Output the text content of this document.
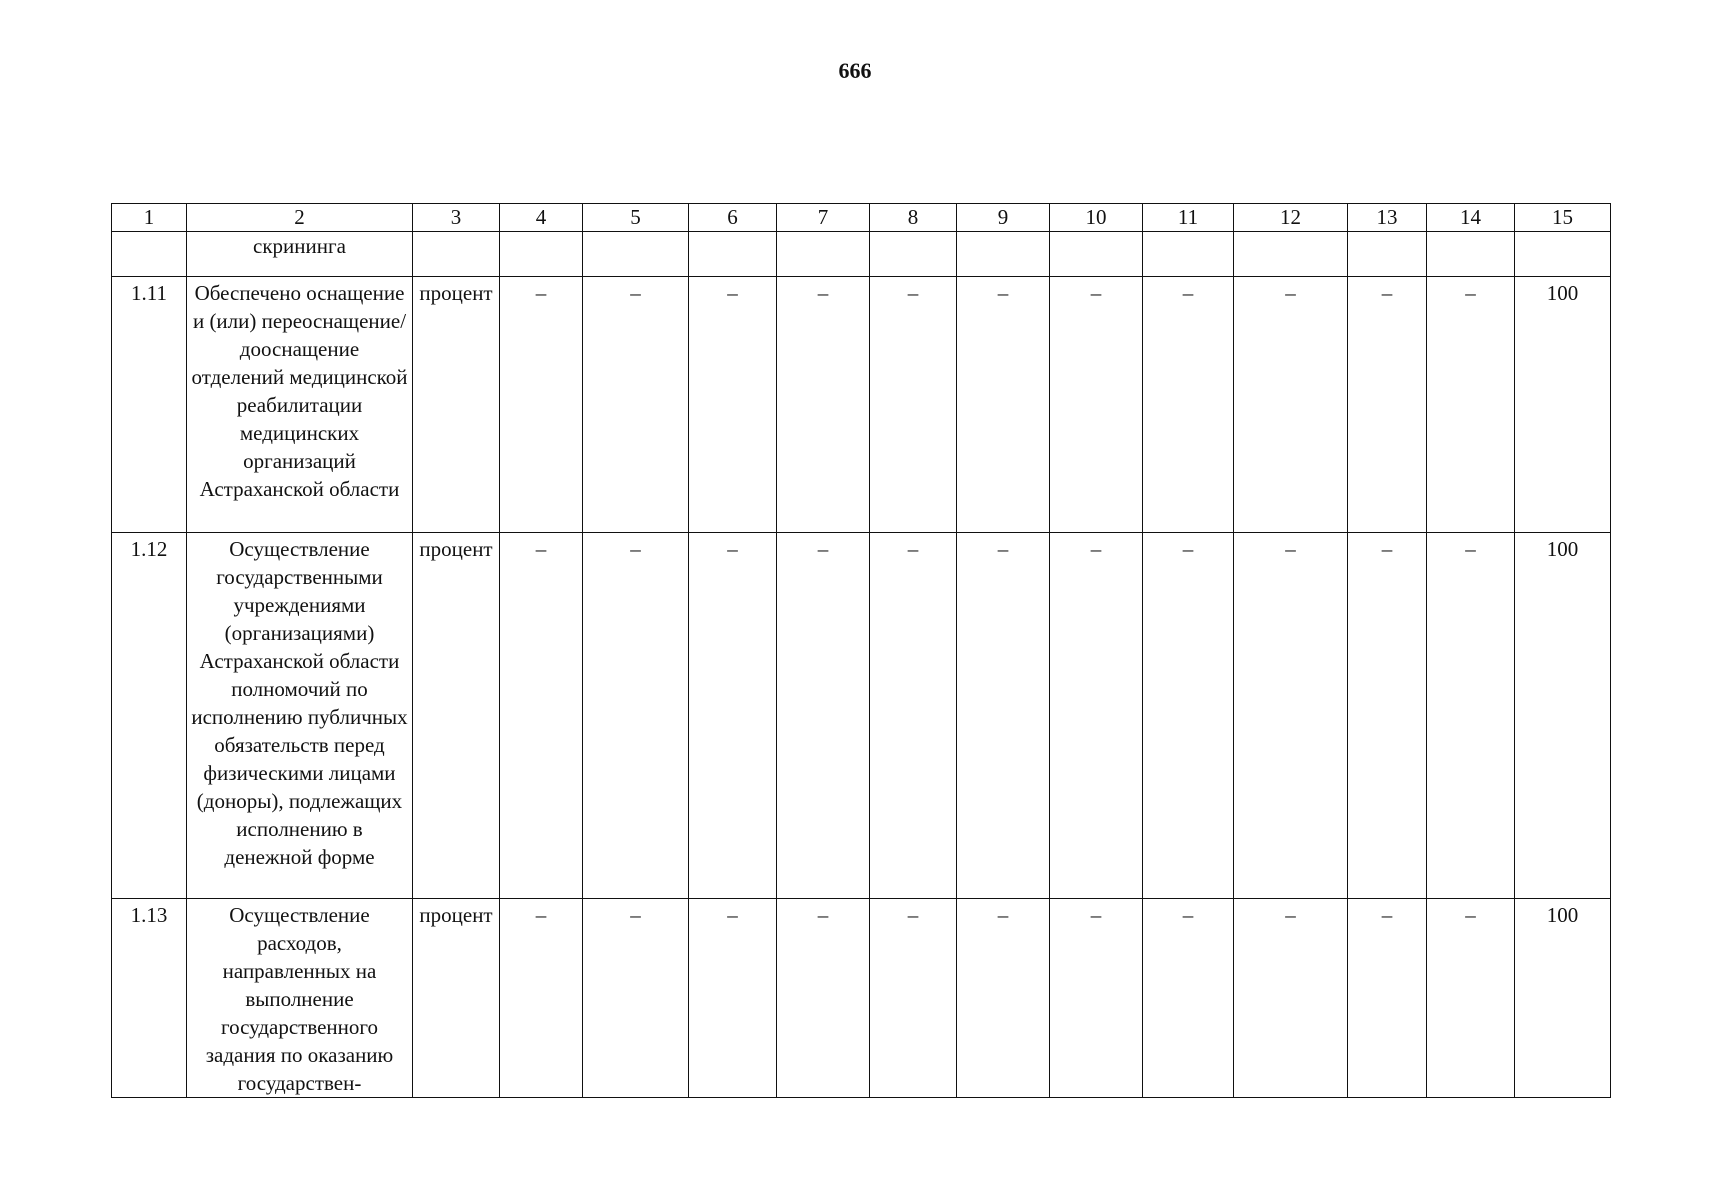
666
1	2	3	4	5	6	7	8	9	10	11	12	13	14	15
	скрининга													
1.11	Обеспечено оснащение и (или) переоснащение/дооснащение отделений медицинской реабилитации медицинских организаций Астраханской области	процент	–	–	–	–	–	–	–	–	–	–	–	100
1.12	Осуществление государственными учреждениями (организациями) Астраханской области полномочий по исполнению публичных обязательств перед физическими лицами (доноры), подлежащих исполнению в денежной форме	процент	–	–	–	–	–	–	–	–	–	–	–	100
1.13	Осуществление расходов, направленных на выполнение государственного задания по оказанию государствен-	процент	–	–	–	–	–	–	–	–	–	–	–	100
